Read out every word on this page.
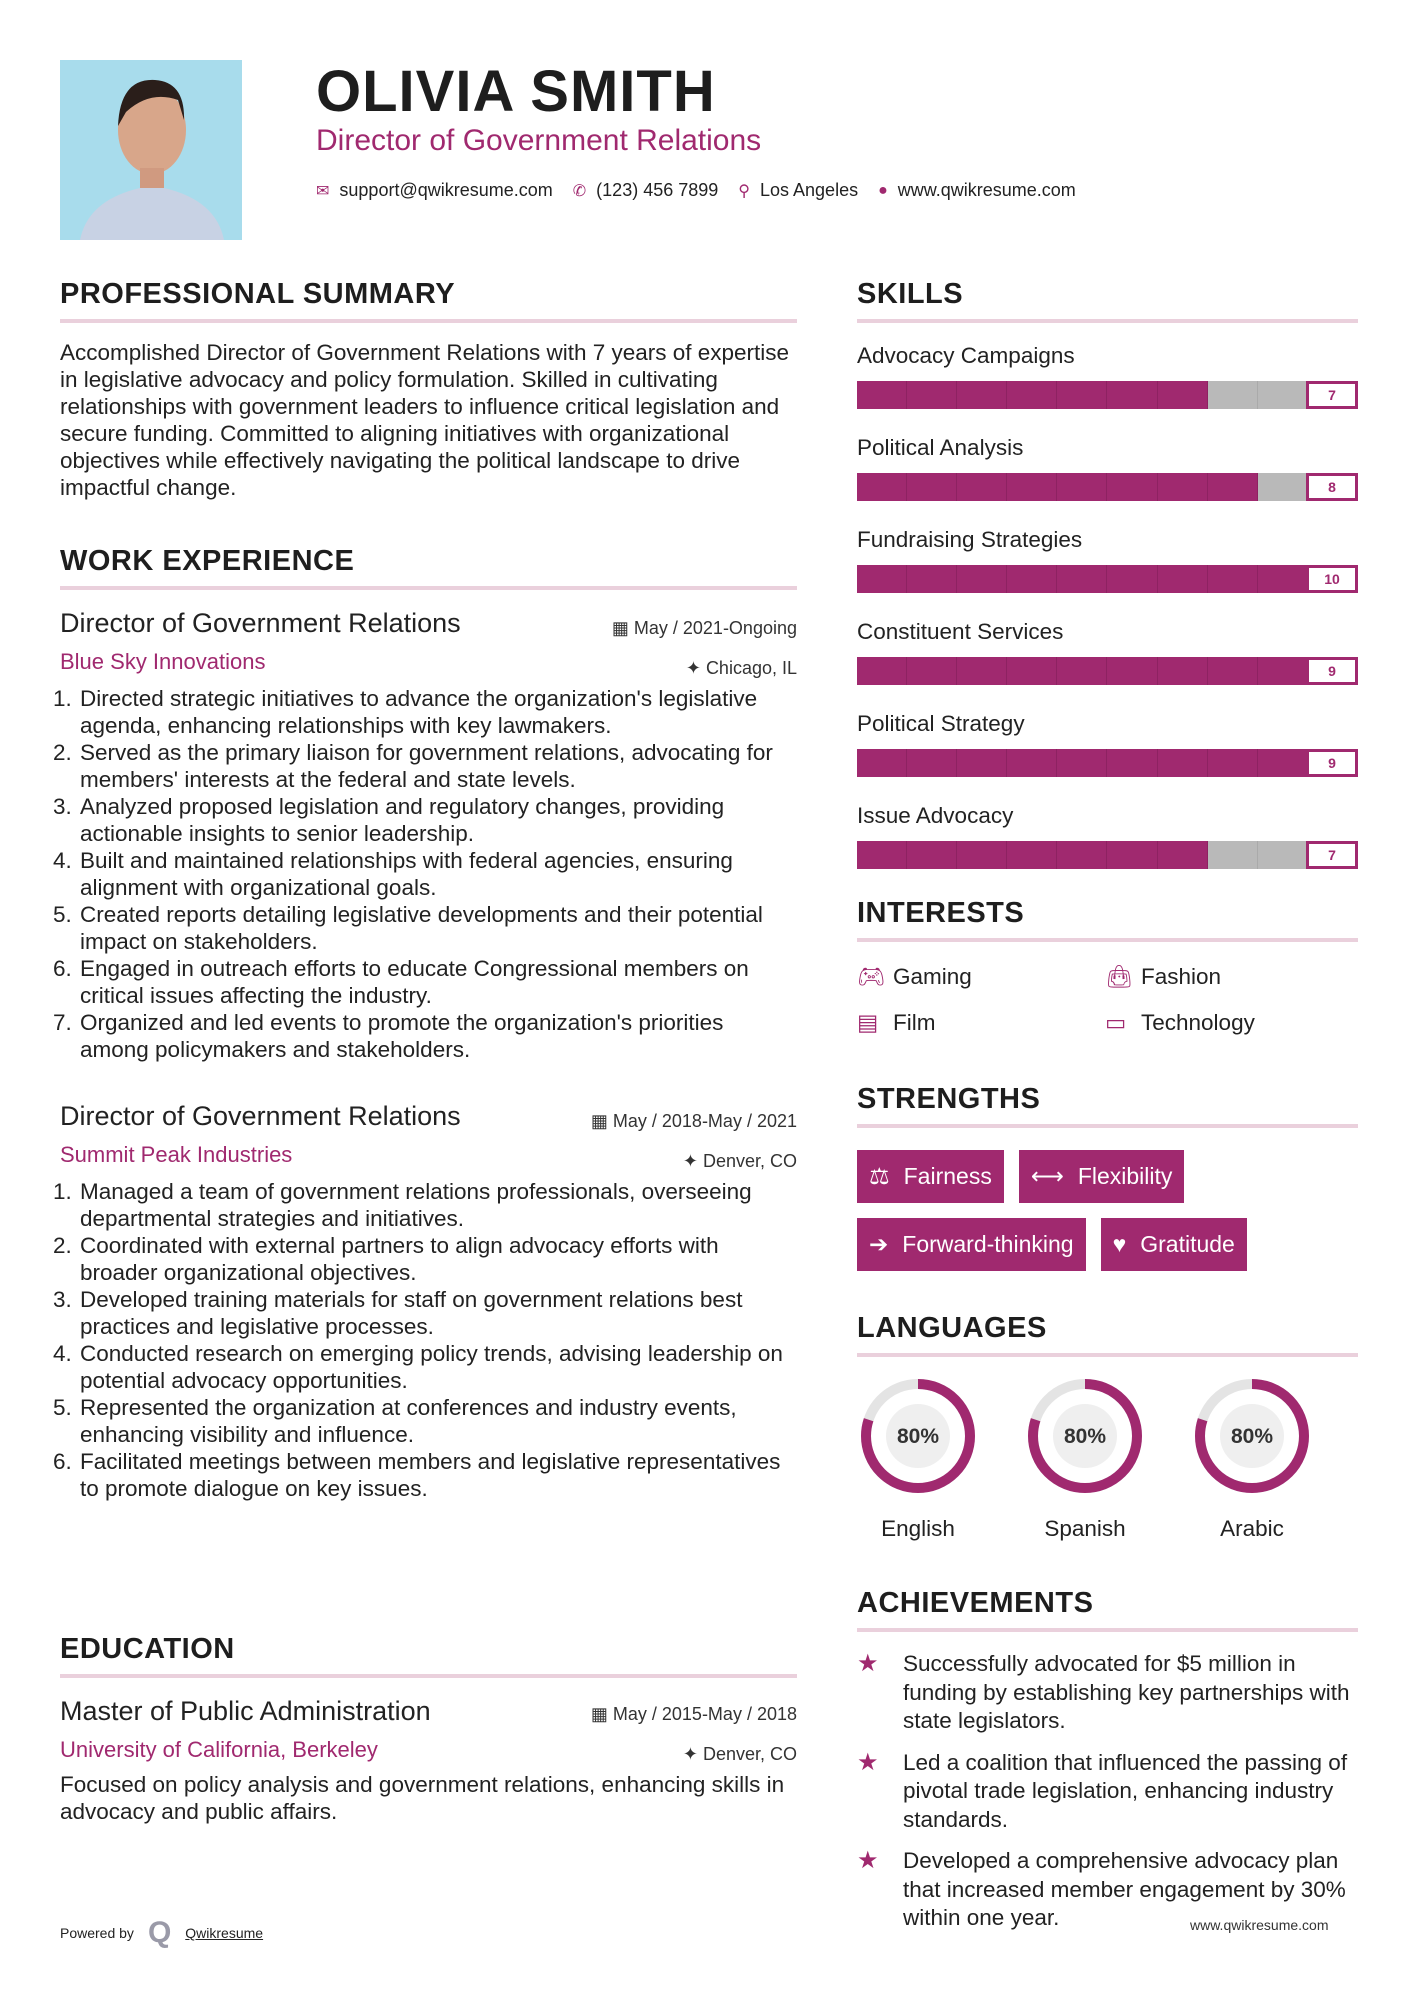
OLIVIA SMITH
Director of Government Relations
✉ support@qwikresume.com ✆ (123) 456 7899 ⚲ Los Angeles ● www.qwikresume.com
PROFESSIONAL SUMMARY
Accomplished Director of Government Relations with 7 years of expertise in legislative advocacy and policy formulation. Skilled in cultivating relationships with government leaders to influence critical legislation and secure funding. Committed to aligning initiatives with organizational objectives while effectively navigating the political landscape to drive impactful change.
WORK EXPERIENCE
▦ May / 2021-Ongoing
✦ Chicago, IL
Director of Government Relations
Blue Sky Innovations
1. Directed strategic initiatives to advance the organization's legislative agenda, enhancing relationships with key lawmakers.
2. Served as the primary liaison for government relations, advocating for members' interests at the federal and state levels.
3. Analyzed proposed legislation and regulatory changes, providing actionable insights to senior leadership.
4. Built and maintained relationships with federal agencies, ensuring alignment with organizational goals.
5. Created reports detailing legislative developments and their potential impact on stakeholders.
6. Engaged in outreach efforts to educate Congressional members on critical issues affecting the industry.
7. Organized and led events to promote the organization's priorities among policymakers and stakeholders.
▦ May / 2018-May / 2021
✦ Denver, CO
Director of Government Relations
Summit Peak Industries
1. Managed a team of government relations professionals, overseeing departmental strategies and initiatives.
2. Coordinated with external partners to align advocacy efforts with broader organizational objectives.
3. Developed training materials for staff on government relations best practices and legislative processes.
4. Conducted research on emerging policy trends, advising leadership on potential advocacy opportunities.
5. Represented the organization at conferences and industry events, enhancing visibility and influence.
6. Facilitated meetings between members and legislative representatives to promote dialogue on key issues.
EDUCATION
▦ May / 2015-May / 2018
✦ Denver, CO
Master of Public Administration
University of California, Berkeley
Focused on policy analysis and government relations, enhancing skills in advocacy and public affairs.
SKILLS
Advocacy Campaigns
7
Political Analysis
8
Fundraising Strategies
10
Constituent Services
9
Political Strategy
9
Issue Advocacy
7
INTERESTS
🎮︎ Gaming	👜︎ Fashion
▤ Film	▭ Technology
STRENGTHS
⚖ Fairness ⟷ Flexibility
➔ Forward-thinking ♥ Gratitude
LANGUAGES
80%
English
80%
Spanish
80%
Arabic
ACHIEVEMENTS
★	Successfully advocated for $5 million in funding by establishing key partnerships with state legislators.
★	Led a coalition that influenced the passing of pivotal trade legislation, enhancing industry standards.
★	Developed a comprehensive advocacy plan that increased member engagement by 30% within one year.
Powered by Q Qwikresume	www.qwikresume.com
